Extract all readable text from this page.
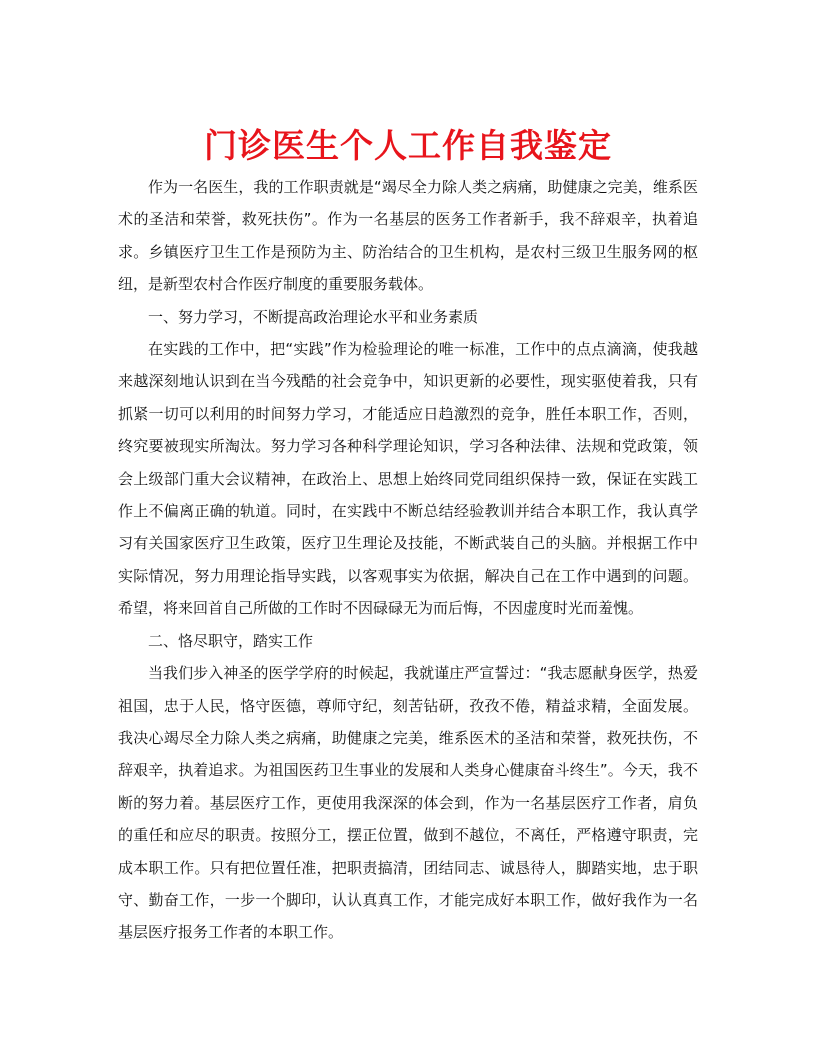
门诊医生个人工作自我鉴定

作为一名医生，我的工作职责就是“竭尽全力除人类之病痛，助健康之完美，维系医术的圣洁和荣誉，救死扶伤”。作为一名基层的医务工作者新手，我不辞艰辛，执着追求。乡镇医疗卫生工作是预防为主、防治结合的卫生机构，是农村三级卫生服务网的枢纽，是新型农村合作医疗制度的重要服务载体。

一、努力学习，不断提高政治理论水平和业务素质

在实践的工作中，把“实践”作为检验理论的唯一标准，工作中的点点滴滴，使我越来越深刻地认识到在当今残酷的社会竞争中，知识更新的必要性，现实驱使着我，只有抓紧一切可以利用的时间努力学习，才能适应日趋激烈的竞争，胜任本职工作，否则，终究要被现实所淘汰。努力学习各种科学理论知识，学习各种法律、法规和党政策，领会上级部门重大会议精神，在政治上、思想上始终同党同组织保持一致，保证在实践工作上不偏离正确的轨道。同时，在实践中不断总结经验教训并结合本职工作，我认真学习有关国家医疗卫生政策，医疗卫生理论及技能，不断武装自己的头脑。并根据工作中实际情况，努力用理论指导实践，以客观事实为依据，解决自己在工作中遇到的问题。希望，将来回首自己所做的工作时不因碌碌无为而后悔，不因虚度时光而羞愧。

二、恪尽职守，踏实工作

当我们步入神圣的医学学府的时候起，我就谨庄严宣誓过：“我志愿献身医学，热爱祖国，忠于人民，恪守医德，尊师守纪，刻苦钻研，孜孜不倦，精益求精，全面发展。我决心竭尽全力除人类之病痛，助健康之完美，维系医术的圣洁和荣誉，救死扶伤，不辞艰辛，执着追求。为祖国医药卫生事业的发展和人类身心健康奋斗终生”。今天，我不断的努力着。基层医疗工作，更使用我深深的体会到，作为一名基层医疗工作者，肩负的重任和应尽的职责。按照分工，摆正位置，做到不越位，不离任，严格遵守职责，完成本职工作。只有把位置任准，把职责搞清，团结同志、诚恳待人，脚踏实地，忠于职守、勤奋工作，一步一个脚印，认认真真工作，才能完成好本职工作，做好我作为一名基层医疗报务工作者的本职工作。
